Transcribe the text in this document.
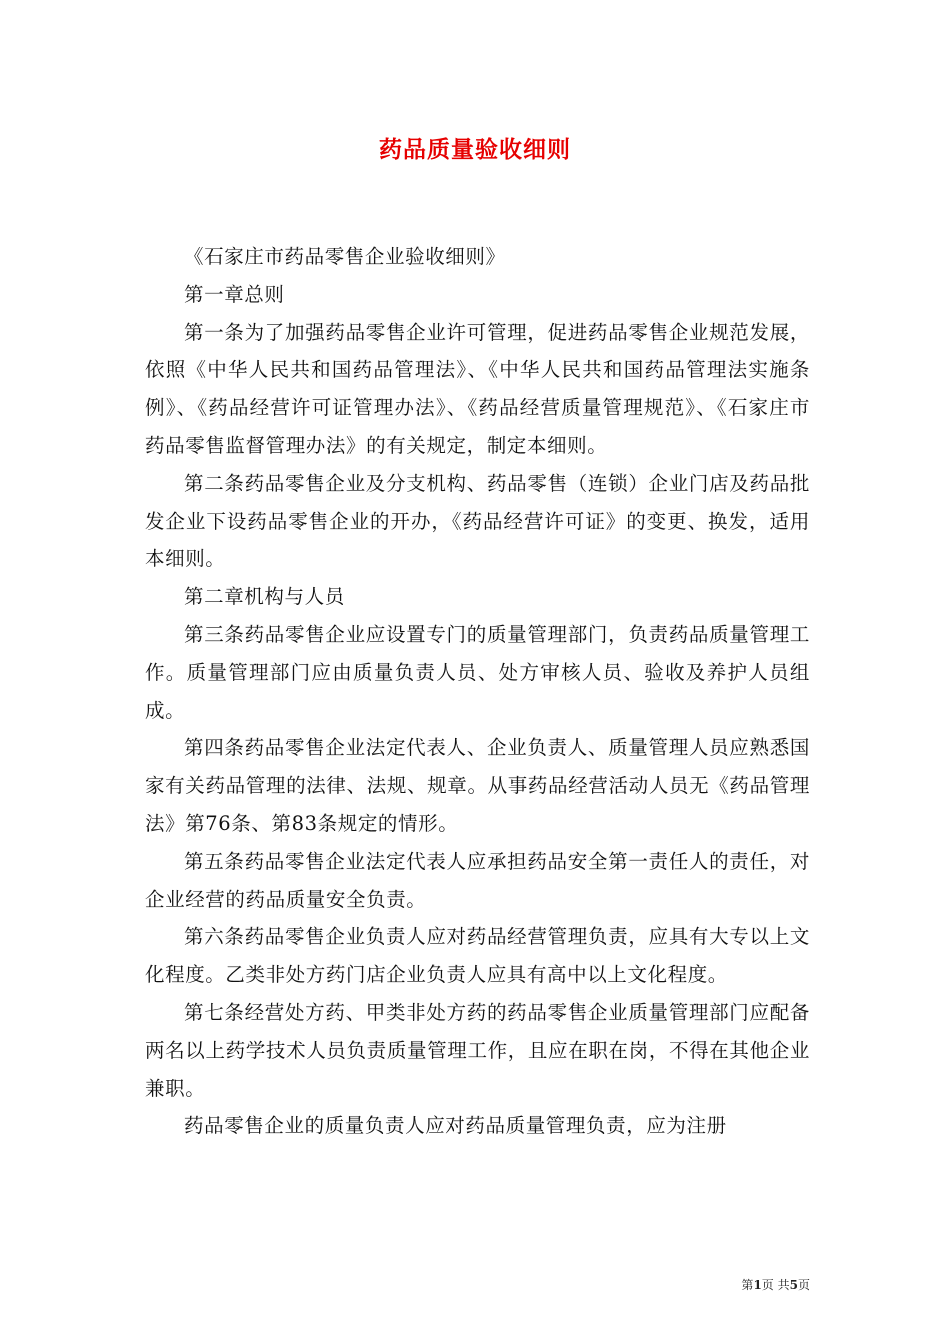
药品质量验收细则

《石家庄市药品零售企业验收细则》

第一章总则

第一条为了加强药品零售企业许可管理，促进药品零售企业规范发展，依照《中华人民共和国药品管理法》、《中华人民共和国药品管理法实施条例》、《药品经营许可证管理办法》、《药品经营质量管理规范》、《石家庄市药品零售监督管理办法》的有关规定，制定本细则。

第二条药品零售企业及分支机构、药品零售（连锁）企业门店及药品批发企业下设药品零售企业的开办，《药品经营许可证》的变更、换发，适用本细则。

第二章机构与人员

第三条药品零售企业应设置专门的质量管理部门，负责药品质量管理工作。质量管理部门应由质量负责人员、处方审核人员、验收及养护人员组成。

第四条药品零售企业法定代表人、企业负责人、质量管理人员应熟悉国家有关药品管理的法律、法规、规章。从事药品经营活动人员无《药品管理法》第76条、第83条规定的情形。

第五条药品零售企业法定代表人应承担药品安全第一责任人的责任，对企业经营的药品质量安全负责。

第六条药品零售企业负责人应对药品经营管理负责，应具有大专以上文化程度。乙类非处方药门店企业负责人应具有高中以上文化程度。

第七条经营处方药、甲类非处方药的药品零售企业质量管理部门应配备两名以上药学技术人员负责质量管理工作，且应在职在岗，不得在其他企业兼职。

药品零售企业的质量负责人应对药品质量管理负责，应为注册

第1页 共5页
